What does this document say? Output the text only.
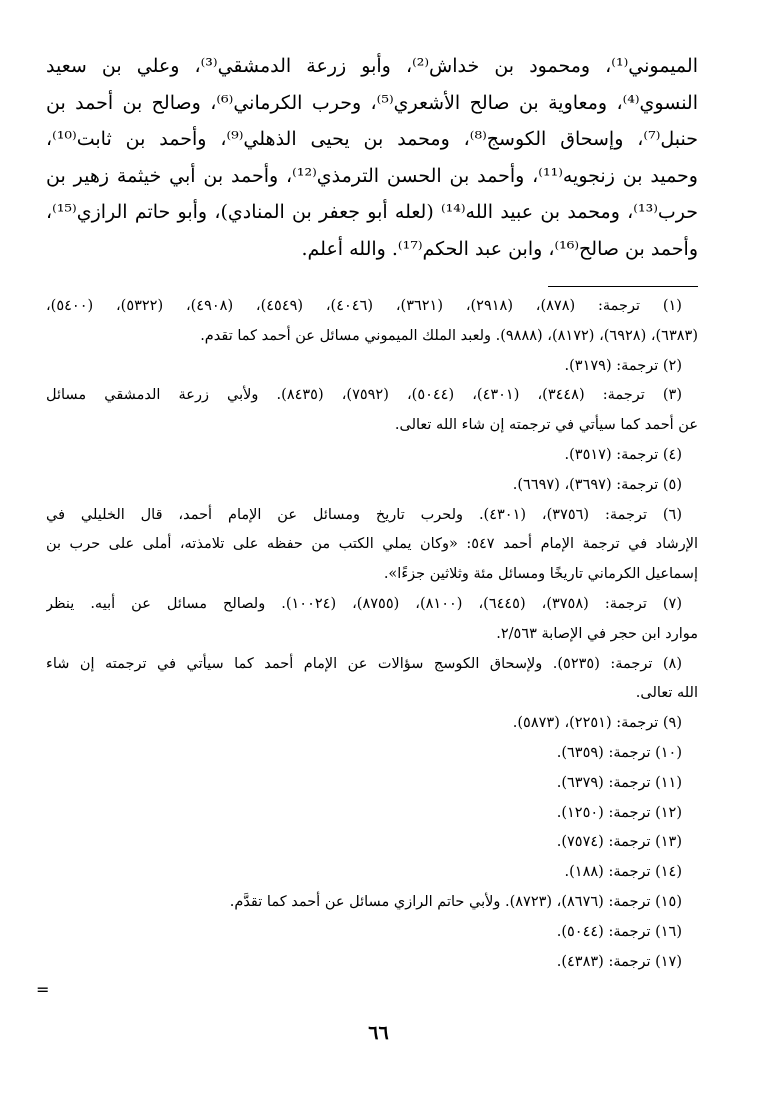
الميموني⁽¹⁾، ومحمود بن خداش⁽²⁾، وأبو زرعة الدمشقي⁽³⁾، وعلي بن سعيد
النسوي⁽⁴⁾، ومعاوية بن صالح الأشعري⁽⁵⁾، وحرب الكرماني⁽⁶⁾، وصالح بن أحمد بن
حنبل⁽⁷⁾، وإسحاق الكوسج⁽⁸⁾، ومحمد بن يحيى الذهلي⁽⁹⁾، وأحمد بن ثابت⁽¹⁰⁾،
وحميد بن زنجويه⁽¹¹⁾، وأحمد بن الحسن الترمذي⁽¹²⁾، وأحمد بن أبي خيثمة زهير بن
حرب⁽¹³⁾، ومحمد بن عبيد الله⁽¹⁴⁾ (لعله أبو جعفر بن المنادي)، وأبو حاتم الرازي⁽¹⁵⁾،
وأحمد بن صالح⁽¹⁶⁾، وابن عبد الحكم⁽¹⁷⁾. والله أعلم.
(١) ترجمة: (٨٧٨)، (٢٩١٨)، (٣٦٢١)، (٤٠٤٦)، (٤٥٤٩)، (٤٩٠٨)، (٥٣٢٢)، (٥٤٠٠)،
(٦٣٨٣)، (٦٩٢٨)، (٨١٧٢)، (٩٨٨٨). ولعبد الملك الميموني مسائل عن أحمد كما تقدم.
(٢) ترجمة: (٣١٧٩).
(٣) ترجمة: (٣٤٤٨)، (٤٣٠١)، (٥٠٤٤)، (٧٥٩٢)، (٨٤٣٥). ولأبي زرعة الدمشقي مسائل
عن أحمد كما سيأتي في ترجمته إن شاء الله تعالى.
(٤) ترجمة: (٣٥١٧).
(٥) ترجمة: (٣٦٩٧)، (٦٦٩٧).
(٦) ترجمة: (٣٧٥٦)، (٤٣٠١). ولحرب تاريخ ومسائل عن الإمام أحمد، قال الخليلي في
الإرشاد في ترجمة الإمام أحمد ٥٤٧: «وكان يملي الكتب من حفظه على تلامذته، أملى على حرب بن
إسماعيل الكرماني تاريخًا ومسائل مئة وثلاثين جزءًا».
(٧) ترجمة: (٣٧٥٨)، (٦٤٤٥)، (٨١٠٠)، (٨٧٥٥)، (١٠٠٢٤). ولصالح مسائل عن أبيه. ينظر
موارد ابن حجر في الإصابة ٢/٥٦٣.
(٨) ترجمة: (٥٢٣٥). ولإسحاق الكوسج سؤالات عن الإمام أحمد كما سيأتي في ترجمته إن شاء
الله تعالى.
(٩) ترجمة: (٢٢٥١)، (٥٨٧٣).
(١٠) ترجمة: (٦٣٥٩).
(١١) ترجمة: (٦٣٧٩).
(١٢) ترجمة: (١٢٥٠).
(١٣) ترجمة: (٧٥٧٤).
(١٤) ترجمة: (١٨٨).
(١٥) ترجمة: (٨٦٧٦)، (٨٧٢٣). ولأبي حاتم الرازي مسائل عن أحمد كما تقدَّم.
(١٦) ترجمة: (٥٠٤٤).
(١٧) ترجمة: (٤٣٨٣).
=
٦٦
